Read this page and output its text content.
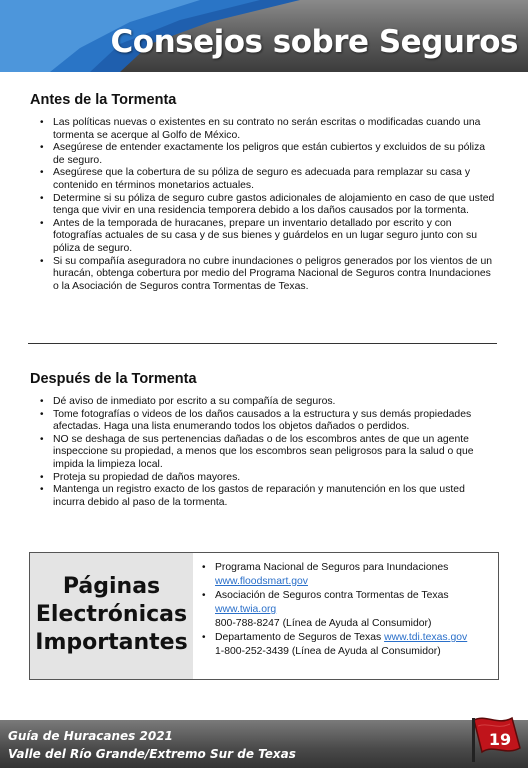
Consejos sobre Seguros
Antes de la Tormenta
• Las políticas nuevas o existentes en su contrato no serán escritas o modificadas cuando una tormenta se acerque al Golfo de México.
• Asegúrese de entender exactamente los peligros que están cubiertos y excluidos de su póliza de seguro.
• Asegúrese que la cobertura de su póliza de seguro es adecuada para remplazar su casa y contenido en términos monetarios actuales.
• Determine si su póliza de seguro cubre gastos adicionales de alojamiento en caso de que usted tenga que vivir en una residencia temporera debido a los daños causados por la tormenta.
• Antes de la temporada de huracanes, prepare un inventario detallado por escrito y con fotografías actuales de su casa y de sus bienes y guárdelos en un lugar seguro junto con su póliza de seguro.
• Si su compañía aseguradora no cubre inundaciones o peligros generados por los vientos de un huracán, obtenga cobertura por medio del Programa Nacional de Seguros contra Inundaciones o la Asociación de Seguros contra Tormentas de Texas.
Después de la Tormenta
• Dé aviso de inmediato por escrito a su compañía de seguros.
• Tome fotografías o videos de los daños causados a la estructura y sus demás propiedades afectadas. Haga una lista enumerando todos los objetos dañados o perdidos.
• NO se deshaga de sus pertenencias dañadas o de los escombros antes de que un agente inspeccione su propiedad, a menos que los escombros sean peligrosos para la salud o que impida la limpieza local.
• Proteja su propiedad de daños mayores.
• Mantenga un registro exacto de los gastos de reparación y manutención en los que usted incurra debido al paso de la tormenta.
Páginas
Electrónicas
Importantes
• Programa Nacional de Seguros para Inundaciones
www.floodsmart.gov
• Asociación de Seguros contra Tormentas de Texas
www.twia.org
800-788-8247 (Línea de Ayuda al Consumidor)
• Departamento de Seguros de Texas www.tdi.texas.gov
1-800-252-3439 (Línea de Ayuda al Consumidor)
Guía de Huracanes 2021
Valle del Río Grande/Extremo Sur de Texas
19
